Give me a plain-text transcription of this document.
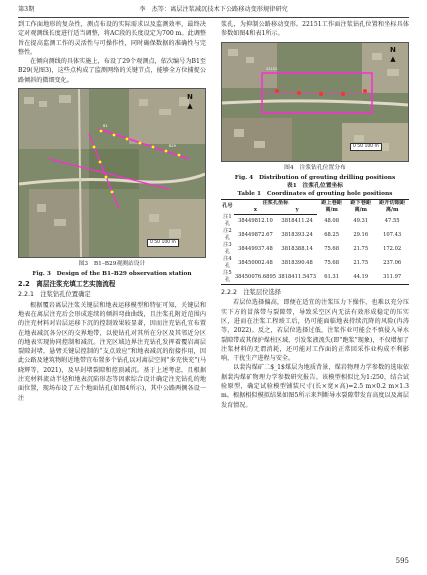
第3期	李　杰等：离层注浆减沉技术下公路移动变形规律研究

到工作面地形的复杂性，测点布设的实际需求以及监测效率，最终决定对观测线长度进行适当调整，将AC段的长度设定为700 m。此调整旨在提高监测工作的灵活性与可操作性，同时确保数据的准确性与完整性。

在倾向测线的具体实施上，布设了29个观测点，依次编号为B1至B29(见图3)，这些点构成了监测网络的关键节点，能够全方位捕捉公路倾斜的微细变化。

B1
B29
N
▲
0 50 100 m
图3　B1–B29观测站设计
Fig. 3　Design of the B1–B29 observation station
2.2　离层注浆充填工艺实施流程
2.2.1　注浆钻孔位置确定

根据覆岩离层注浆关键层和地表运移模型和特征可知，关键层和地表在离层注充后会形成连续的倾斜弯曲曲线，且注浆孔附近范围内的注充材料对岩层运移下沉的控制效果较显著，因而注充钻孔宜布置在地表减沉各分区的交界地带，以使钻孔对其所在分区及其邻近分区的地表实现协同控制和减沉。注充区域边界注充钻孔发挥着覆岩离层裂隙封堵，悬臂关键层控制的“支点效应”和地表减沉的衔接作用，因此公路及建筑物附近地带宜布置多个钻孔以对离层空间“多充快充”(马晓辉等，2021)，及早封堵裂隙和控顶减沉。基于上述考虑，且根据注充材料流动半径和地表沉陷形态等因素综合设计确定注充钻孔的地面位置，现场布设了五个地面钻孔(如图4所示)，其中公路两侧各设一注

浆孔，为抑制公路移动变形。22151工作面注浆钻孔位置和坐标具体参数如图4和表1所示。

22151
N
▲
0 50 100 m
图4　注浆钻孔位置分布
Fig. 4　Distribution of grouting drilling positions
表1　注浆孔位置坐标
Table 1　Coordinates of grouting hole positions
孔号	注浆孔坐标		距上巷距离/m	距下巷距离/m	距开切眼距离/m
	x	y			
注1孔	38449812.10	3818411.24	48.08	49.31	47.55
注2孔	38449872.67	3818393.24	68.25	29.16	107.43
注3孔	38449937.48	3818388.14	75.68	21.75	172.02
注4孔	38450002.48	3818390.48	75.68	21.75	237.06
注5孔	38450076.6895	3818411.5473	61.31	44.19	311.97
2.2.2　注浆层位选择

若层位选择偏高，即便在适宜的注浆压力下操作，也难以充分压实下方的冒落带与裂隙带，导致采空区内无法有效形成稳定的压实区，进而在注浆工程竣工后，仍可能面临地表持续沉降的风险(冉涛等，2022)。反之，若层位选择过低，注浆作业可能会不慎侵入导水裂隙带或其保护煤柱区域，引发浆液流失(即“跑浆”现象)，不仅增加了注浆材料的无谓消耗，还可能对工作面的正常回采作业构成不利影响，干扰生产进程与安全。

以裴沟煤矿二$_1$煤层为地质背景，煤岩物理力学参数的选取依据裴沟煤矿物理力学参数研究报告。该模型相似比为1:250，结合试验原型，确定试验模型铺装尺寸(长×宽×高)=2.5 m×0.2 m×1.3 m。根据相似模拟结果如图5所示来判断导水裂隙带发育高度以及离层发育情况。

595
